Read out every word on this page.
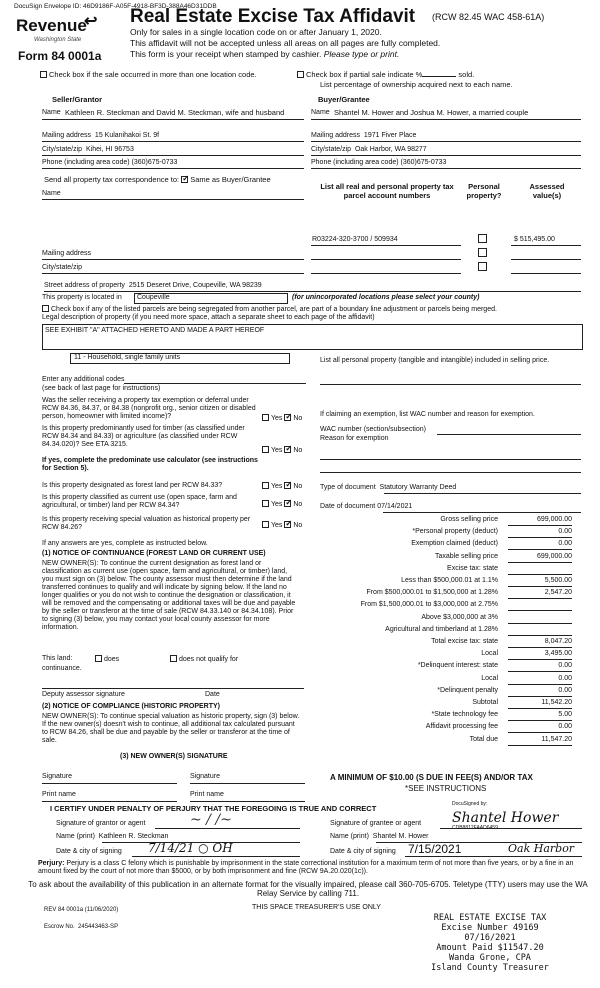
DocuSign Envelope ID: 46D9186F-A05F-4918-BF3D-388A46D31DDB
Revenue
↩
Washington State
Form 84 0001a
Real Estate Excise Tax Affidavit (RCW 82.45 WAC 458-61A)
Only for sales in a single location code on or after January 1, 2020.
This affidavit will not be accepted unless all areas on all pages are fully completed.
This form is your receipt when stamped by cashier. Please type or print.
Check box if the sale occurred in more than one location code.	Check box if partial sale indicate %	sold.
List percentage of ownership acquired next to each name.
Seller/Grantor	Buyer/Grantee
Name Kathleen R. Steckman and David M. Steckman, wife and husband	Name Shantel M. Hower and Joshua M. Hower, a married couple
Mailing address 15 Kulanihakoi St. 9f	Mailing address 1971 Fiver Place
City/state/zip Kihei, HI 96753	City/state/zip Oak Harbor, WA 98277
Phone (including area code) (360)675-0733	Phone (including area code) (360)675-0733
Send all property tax correspondence to: ✓ Same as Buyer/Grantee
Name
List all real and personal property tax
parcel account numbers
Personal
property?
Assessed
value(s)
R03224-320-3700 / 509934	$ 515,495.00
Mailing address
City/state/zip
Street address of property 2515 Deseret Drive, Coupeville, WA 98239
This property is located in Coupeville	(for unincorporated locations please select your county)
Check box if any of the listed parcels are being segregated from another parcel, are part of a boundary line adjustment or parcels being merged.
Legal description of property (if you need more space, attach a separate sheet to each page of the affidavit)
SEE EXHIBIT "A" ATTACHED HERETO AND MADE A PART HEREOF
11 - Household, single family units	List all personal property (tangible and intangible) included in selling price.
Enter any additional codes
(see back of last page for instructions)
Was the seller receiving a property tax exemption or deferral under RCW 84.36, 84.37, or 84.38 (nonprofit org., senior citizen or disabled person, homeowner with limited income)?	Yes ✓ No
Is this property predominantly used for timber (as classified under RCW 84.34 and 84.33) or agriculture (as classified under RCW 84.34.020)? See ETA 3215.
Yes ✓ No
If yes, complete the predominate use calculator (see instructions for Section 5).
If claiming an exemption, list WAC number and reason for exemption.
WAC number (section/subsection)
Reason for exemption
Is this property designated as forest land per RCW 84.33?	Yes ✓ No
Is this property classified as current use (open space, farm and agricultural, or timber) land per RCW 84.34?	Yes ✓ No
Is this property receiving special valuation as historical property per RCW 84.26?	Yes ✓ No
Type of document Statutory Warranty Deed
Date of document 07/14/2021
If any answers are yes, complete as instructed below.
(1) NOTICE OF CONTINUANCE (FOREST LAND OR CURRENT USE)
NEW OWNER(S): To continue the current designation as forest land or classification as current use (open space, farm and agricultural, or timber) land, you must sign on (3) below. The county assessor must then determine if the land transferred continues to qualify and will indicate by signing below. If the land no longer qualifies or you do not wish to continue the designation or classification, it will be removed and the compensating or additional taxes will be due and payable by the seller or transferor at the time of sale (RCW 84.33.140 or 84.34.108). Prior to signing (3) below, you may contact your local county assessor for more information.
This land:	does	does not qualify for
continuance.
Deputy assessor signature	Date
(2) NOTICE OF COMPLIANCE (HISTORIC PROPERTY)
NEW OWNER(S): To continue special valuation as historic property, sign (3) below. If the new owner(s) doesn't wish to continue, all additional tax calculated pursuant to RCW 84.26, shall be due and payable by the seller or transferor at the time of sale.
(3) NEW OWNER(S) SIGNATURE
Signature	Signature
Print name	Print name
Gross selling price	699,000.00
*Personal property (deduct)	0.00
Exemption claimed (deduct)	0.00
Taxable selling price	699,000.00
Excise tax: state
Less than $500,000.01 at 1.1%	5,500.00
From $500,000.01 to $1,500,000 at 1.28%	2,547.20
From $1,500,000.01 to $3,000,000 at 2.75%
Above $3,000,000 at 3%
Agricultural and timberland at 1.28%
Total excise tax: state	8,047.20
Local	3,495.00
*Delinquent interest: state	0.00
Local	0.00
*Delinquent penalty	0.00
Subtotal	11,542.20
*State technology fee	5.00
Affidavit processing fee	0.00
Total due	11,547.20
A MINIMUM OF $10.00 (S DUE IN FEE(S) AND/OR TAX
*SEE INSTRUCTIONS
I CERTIFY UNDER PENALTY OF PERJURY THAT THE FOREGOING IS TRUE AND CORRECT
Signature of grantor or agent	~ / /~
Name (print) Kathleen R. Steckman
Date & city of signing 7/14/21 ○ OH
Signature of grantee or agent
DocuSigned by:
Shantel Hower
CDB8812FAAD6459...
Name (print) Shantel M. Hower
Date & city of signing 7/15/2021	Oak Harbor
Perjury: Perjury is a class C felony which is punishable by imprisonment in the state correctional institution for a maximum term of not more than five years, or by a fine in an amount fixed by the court of not more than $5000, or by both imprisonment and fine (RCW 9A.20.020(1c)).
To ask about the availability of this publication in an alternate format for the visually impaired, please call 360-705-6705. Teletype (TTY) users may use the WA Relay Service by calling 711.
REV 84 0001a (11/06/2020)	THIS SPACE TREASURER'S USE ONLY
Escrow No. 245443463-SP
REAL ESTATE EXCISE TAX
Excise Number 49169
07/16/2021
Amount Paid $11547.20
Wanda Grone, CPA
Island County Treasurer
